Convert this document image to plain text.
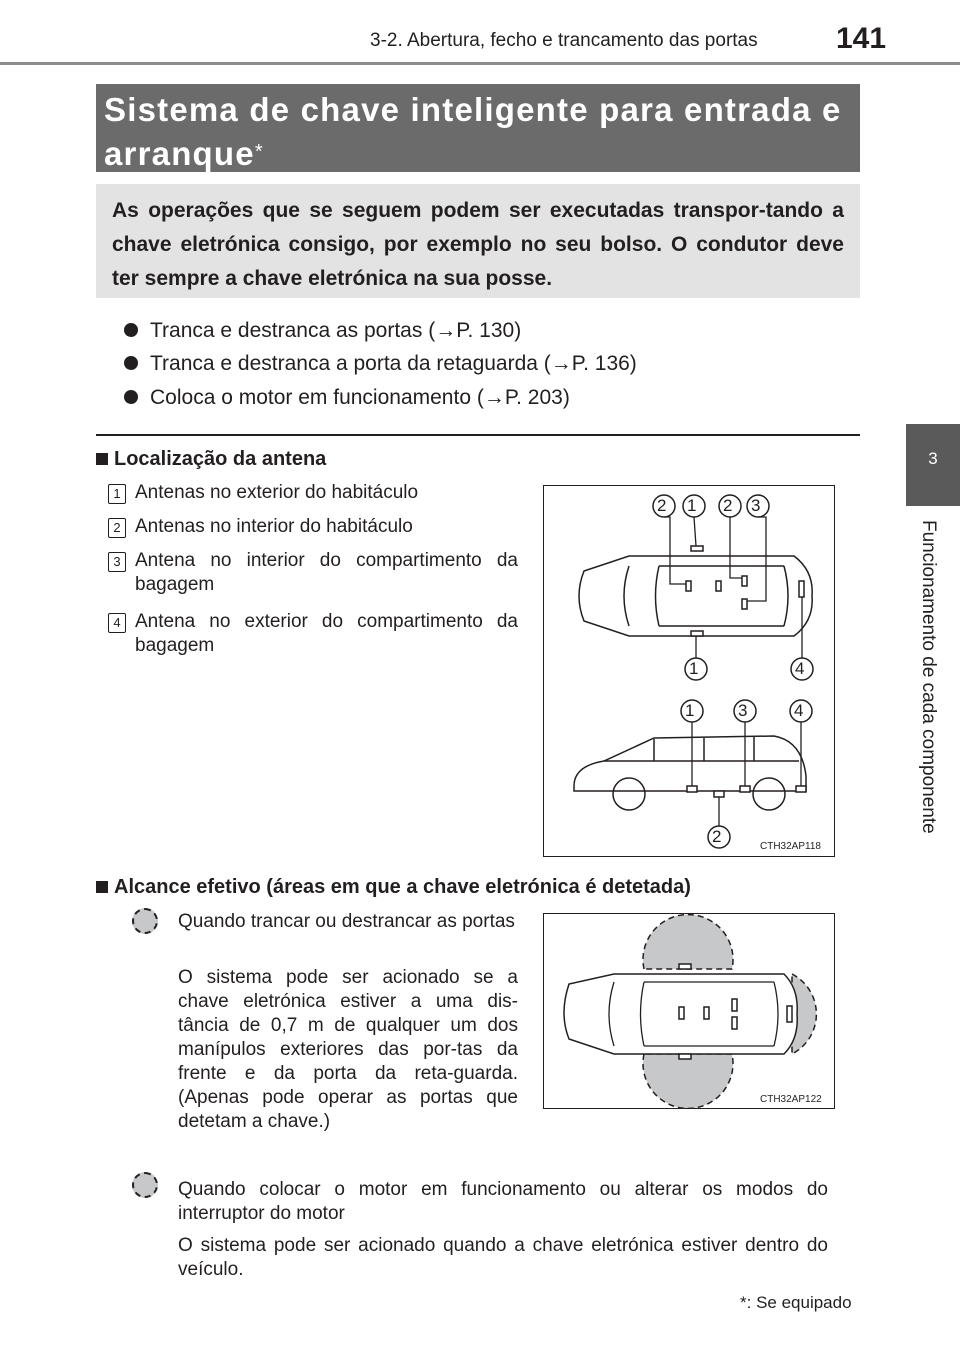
3-2. Abertura, fecho e trancamento das portas	141
3
Funcionamento de cada componente
Sistema de chave inteligente para entrada e arranque*
As operações que se seguem podem ser executadas transpor-tando a chave eletrónica consigo, por exemplo no seu bolso. O condutor deve ter sempre a chave eletrónica na sua posse.
Tranca e destranca as portas (→P. 130)
Tranca e destranca a porta da retaguarda (→P. 136)
Coloca o motor em funcionamento (→P. 203)
Localização da antena
1 Antenas no exterior do habitáculo
2 Antenas no interior do habitáculo
3 Antena no interior do compartimento da bagagem
4 Antena no exterior do compartimento da bagagem
2 1 2 3
1	4
1	3	4
2
CTH32AP118
Alcance efetivo (áreas em que a chave eletrónica é detetada)
Quando trancar ou destrancar as portas
O sistema pode ser acionado se a chave eletrónica estiver a uma dis-tância de 0,7 m de qualquer um dos manípulos exteriores das por-tas da frente e da porta da reta-guarda. (Apenas pode operar as portas que detetam a chave.)
CTH32AP122
Quando colocar o motor em funcionamento ou alterar os modos do interruptor do motor
O sistema pode ser acionado quando a chave eletrónica estiver dentro do veículo.
*: Se equipado
